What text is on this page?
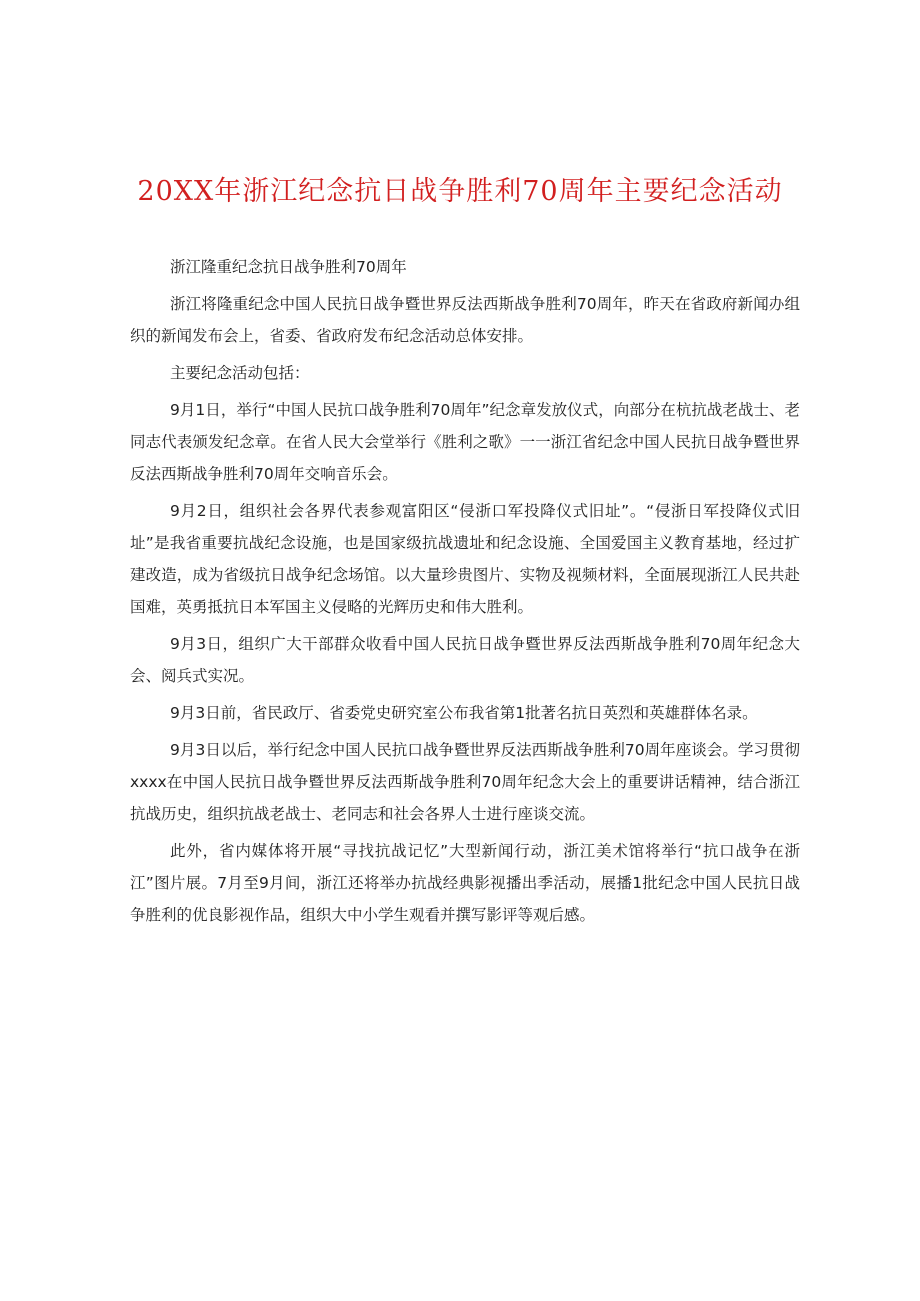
20XX年浙江纪念抗日战争胜利70周年主要纪念活动

浙江隆重纪念抗日战争胜利70周年

浙江将隆重纪念中国人民抗日战争暨世界反法西斯战争胜利70周年，昨天在省政府新闻办组织的新闻发布会上，省委、省政府发布纪念活动总体安排。

主要纪念活动包括：

9月1日，举行“中国人民抗口战争胜利70周年”纪念章发放仪式，向部分在杭抗战老战士、老同志代表颁发纪念章。在省人民大会堂举行《胜利之歌》一一浙江省纪念中国人民抗日战争暨世界反法西斯战争胜利70周年交响音乐会。

9月2日，组织社会各界代表参观富阳区“侵浙口军投降仪式旧址”。“侵浙日军投降仪式旧址”是我省重要抗战纪念设施，也是国家级抗战遗址和纪念设施、全国爱国主义教育基地，经过扩建改造，成为省级抗日战争纪念场馆。以大量珍贵图片、实物及视频材料，全面展现浙江人民共赴国难，英勇抵抗日本军国主义侵略的光辉历史和伟大胜利。

9月3日，组织广大干部群众收看中国人民抗日战争暨世界反法西斯战争胜利70周年纪念大会、阅兵式实况。

9月3日前，省民政厅、省委党史研究室公布我省第1批著名抗日英烈和英雄群体名录。

9月3日以后，举行纪念中国人民抗口战争暨世界反法西斯战争胜利70周年座谈会。学习贯彻xxxx在中国人民抗日战争暨世界反法西斯战争胜利70周年纪念大会上的重要讲话精神，结合浙江抗战历史，组织抗战老战士、老同志和社会各界人士进行座谈交流。

此外，省内媒体将开展“寻找抗战记忆”大型新闻行动，浙江美术馆将举行“抗口战争在浙江”图片展。7月至9月间，浙江还将举办抗战经典影视播出季活动，展播1批纪念中国人民抗日战争胜利的优良影视作品，组织大中小学生观看并撰写影评等观后感。
